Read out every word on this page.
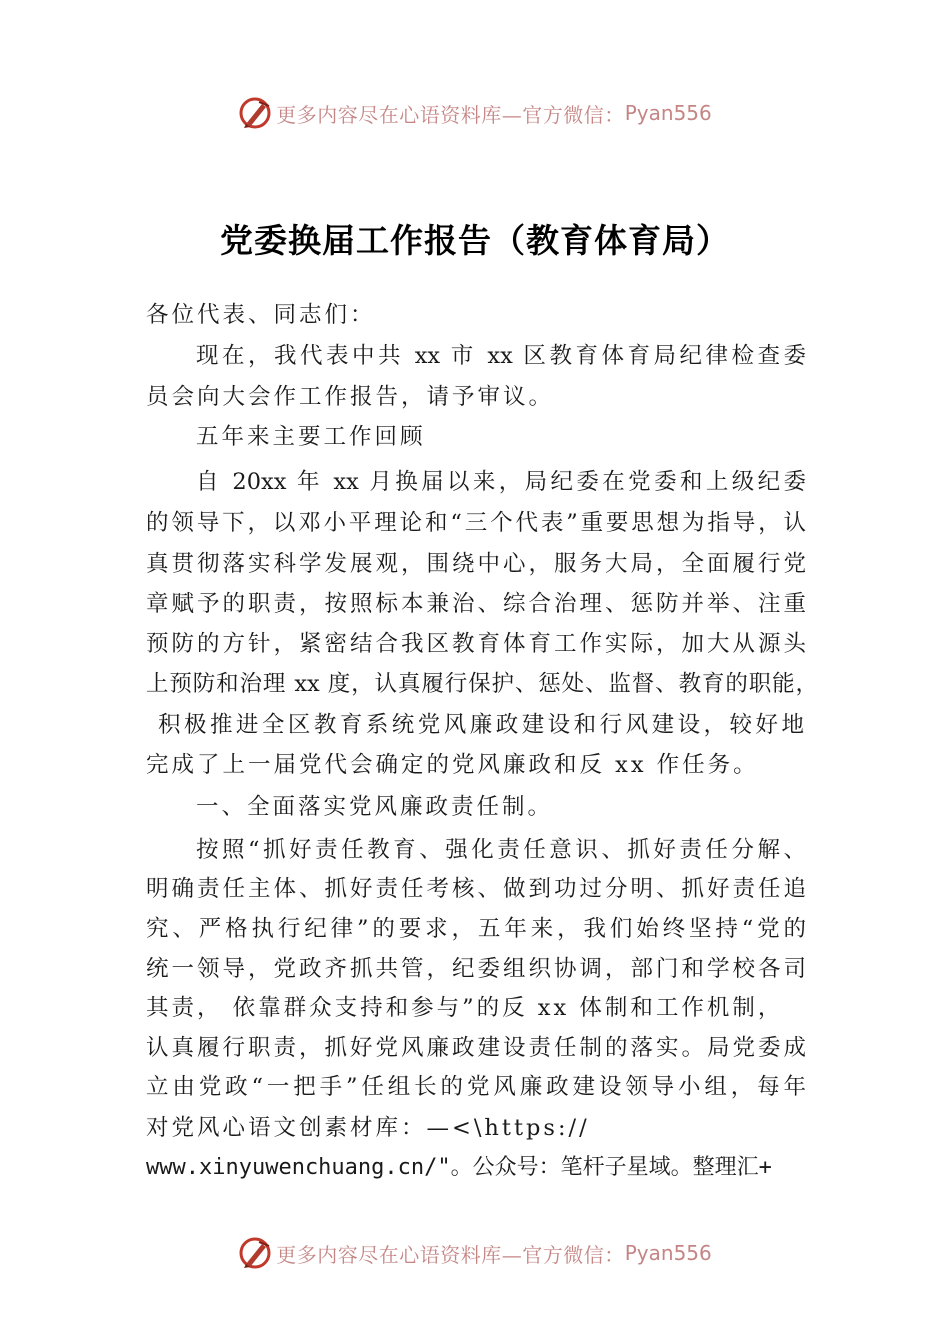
更多内容尽在心语资料库—官方微信： Pyan556
党委换届工作报告（教育体育局）
各位代表、同志们：
现在，我代表中共 xx 市 xx 区教育体育局纪律检查委
员会向大会作工作报告，请予审议。
五年来主要工作回顾
自 20xx 年 xx 月换届以来，局纪委在党委和上级纪委
的领导下，以邓小平理论和“三个代表”重要思想为指导，认
真贯彻落实科学发展观，围绕中心，服务大局，全面履行党
章赋予的职责，按照标本兼治、综合治理、惩防并举、注重
预防的方针，紧密结合我区教育体育工作实际，加大从源头
上预防和治理 xx 度，认真履行保护、惩处、监督、教育的职能，
积极推进全区教育系统党风廉政建设和行风建设，较好地
完成了上一届党代会确定的党风廉政和反 xx 作任务。
一、全面落实党风廉政责任制。
按照“抓好责任教育、强化责任意识、抓好责任分解、
明确责任主体、抓好责任考核、做到功过分明、抓好责任追
究、严格执行纪律”的要求，五年来，我们始终坚持“党的
统一领导，党政齐抓共管，纪委组织协调，部门和学校各司
其责， 依靠群众支持和参与”的反 xx 体制和工作机制，
认真履行职责，抓好党风廉政建设责任制的落实。局党委成
立由党政“一把手”任组长的党风廉政建设领导小组，每年
对党风心语文创素材库：—<\https://
www.xinyuwenchuang.cn/"。公众号：笔杆子星域。整理汇+
更多内容尽在心语资料库—官方微信： Pyan556
